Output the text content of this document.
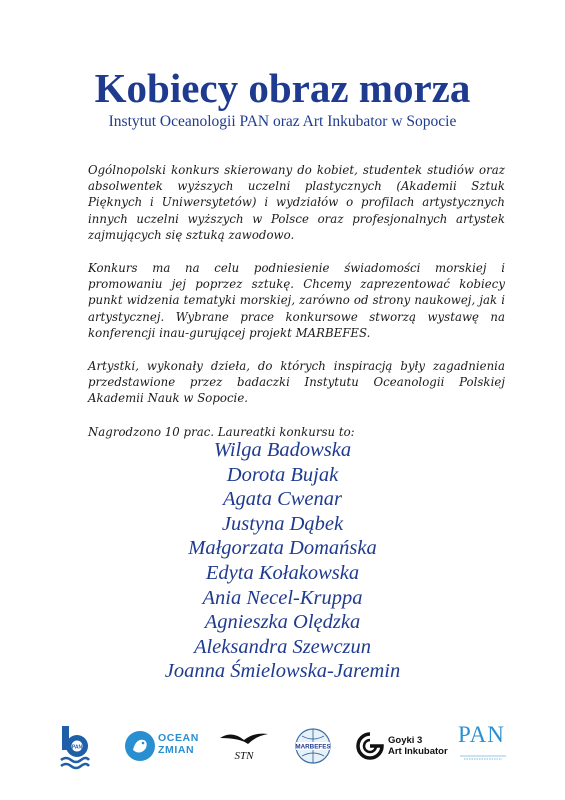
Kobiecy obraz morza
Instytut Oceanologii PAN oraz Art Inkubator w Sopocie

Ogólnopolski konkurs skierowany do kobiet, studentek studiów oraz absolwentek wyższych uczelni plastycznych (Akademii Sztuk Pięknych i Uniwersytetów) i wydziałów o profilach artystycznych innych uczelni wyższych w Polsce oraz profesjonalnych artystek zajmujących się sztuką zawodowo.

Konkurs ma na celu podniesienie świadomości morskiej i promowaniu jej poprzez sztukę. Chcemy zaprezentować kobiecy punkt widzenia tematyki morskiej, zarówno od strony naukowej, jak i artystycznej. Wybrane prace konkursowe stworzą wystawę na konferencji inau-gurującej projekt MARBEFES.

Artystki, wykonały dzieła, do których inspiracją były zagadnienia przedstawione przez badaczki Instytutu Oceanologii Polskiej Akademii Nauk w Sopocie.

Nagrodzono 10 prac. Laureatki konkursu to:

Wilga Badowska
Dorota Bujak
Agata Cwenar
Justyna Dąbek
Małgorzata Domańska
Edyta Kołakowska
Ania Necel-Kruppa
Agnieszka Olędzka
Aleksandra Szewczun
Joanna Śmielowska-Jaremin
PAN
OCEAN
ZMIAN	STN
MARBEFES
Goyki 3
Art Inkubator
PAN
